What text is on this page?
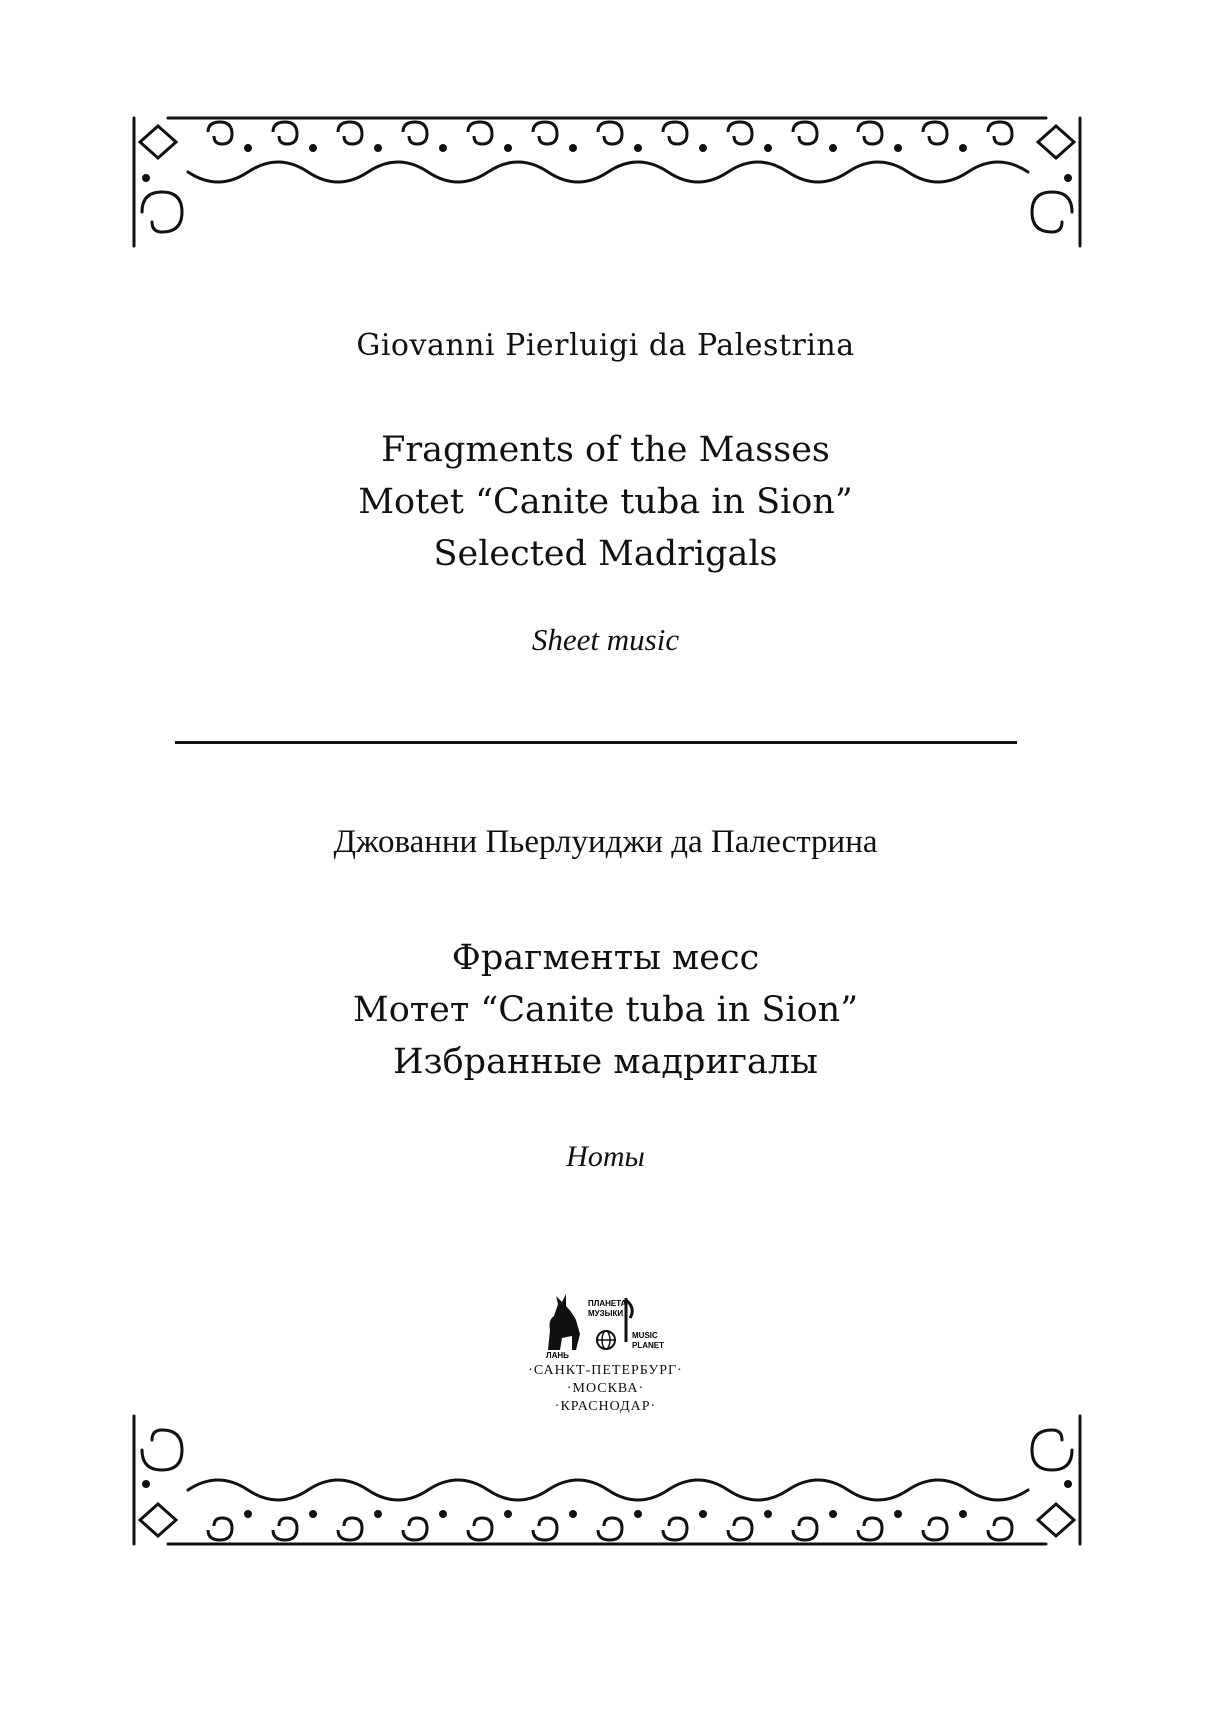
Giovanni Pierluigi da Palestrina
Fragments of the Masses
Motet “Canite tuba in Sion”
Selected Madrigals
Sheet music
Джованни Пьерлуиджи да Палестрина
Фрагменты месс
Мотет “Canite tuba in Sion”
Избранные мадригалы
Ноты
ЛАНЬ
ПЛАНЕТА
МУЗЫКИ
MUSIC
PLANET
·САНКТ-ПЕТЕРБУРГ·
·МОСКВА·
·КРАСНОДАР·
